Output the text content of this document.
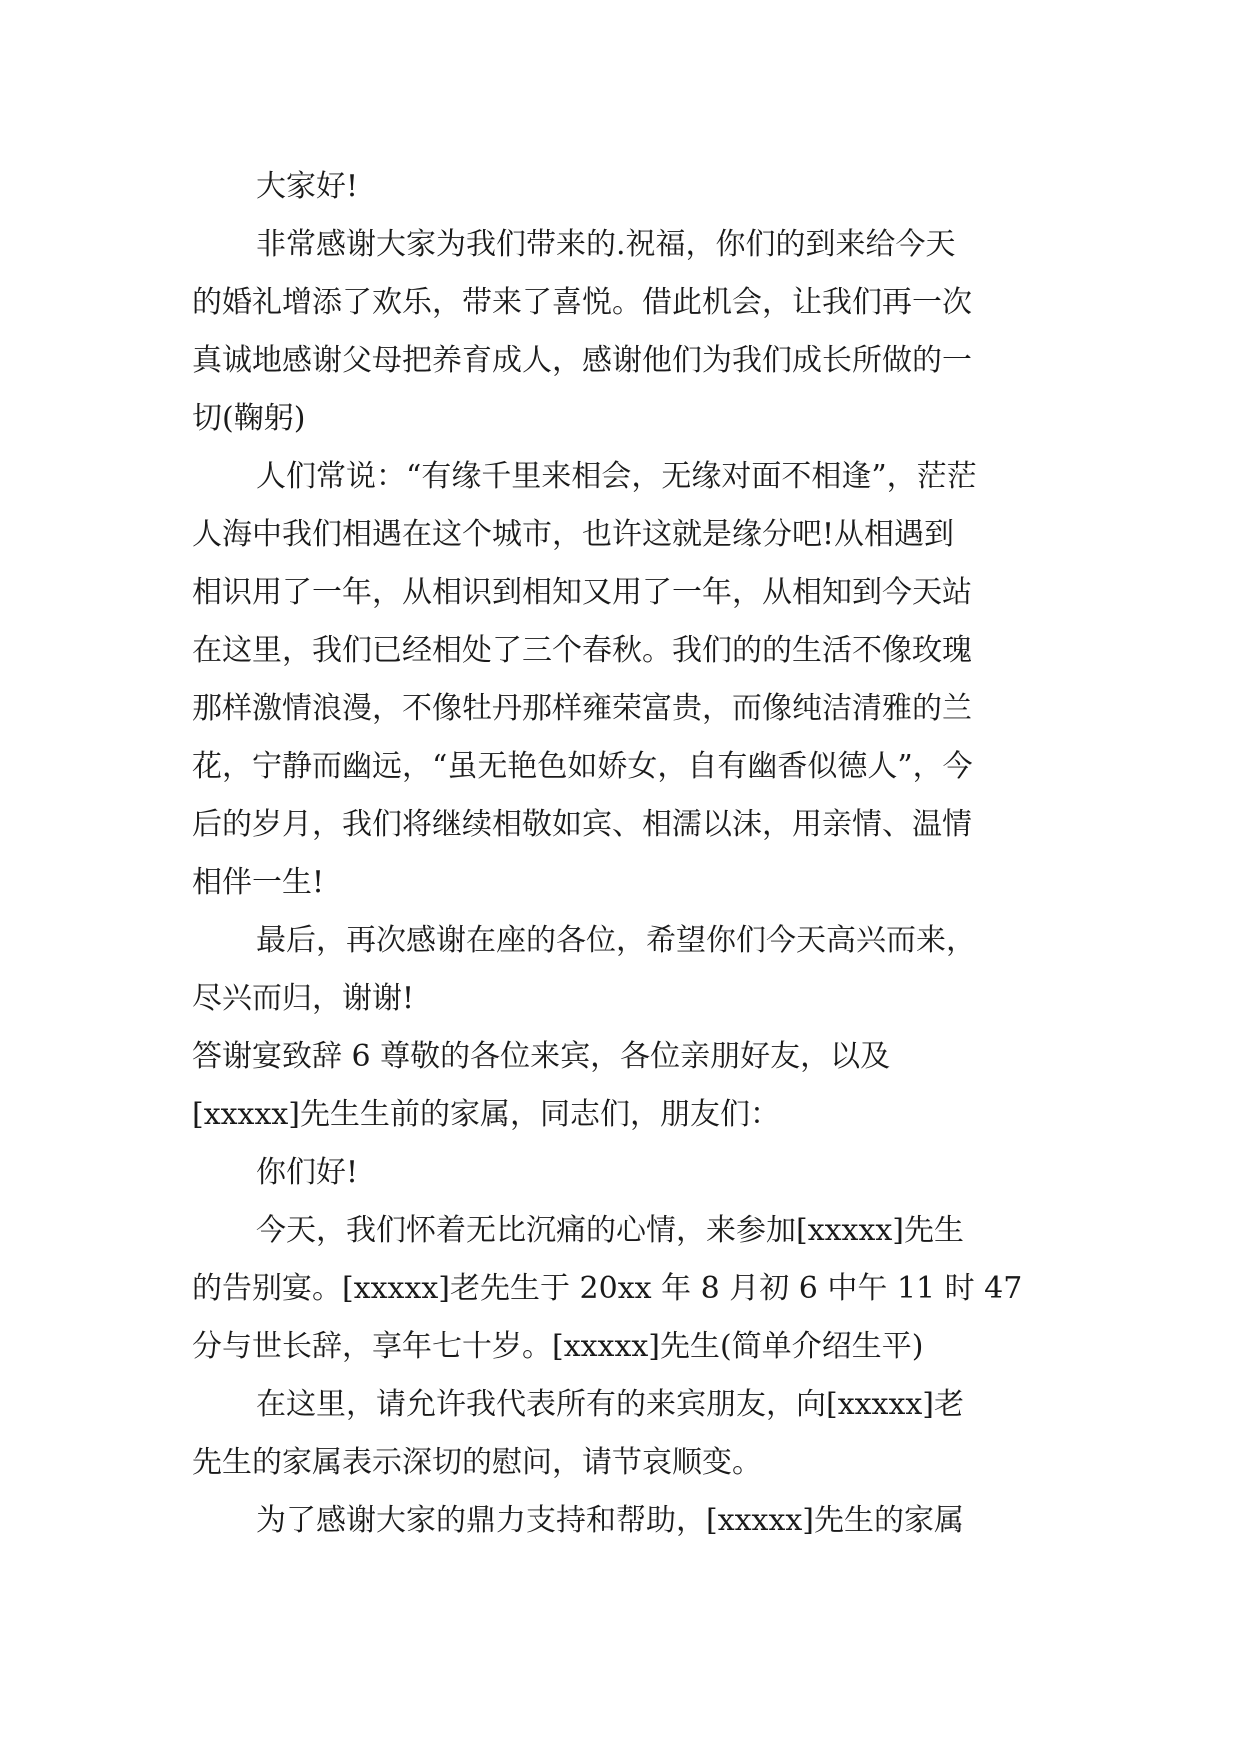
大家好!
非常感谢大家为我们带来的.祝福，你们的到来给今天
的婚礼增添了欢乐，带来了喜悦。借此机会，让我们再一次
真诚地感谢父母把养育成人，感谢他们为我们成长所做的一
切(鞠躬)
人们常说：“有缘千里来相会，无缘对面不相逢”，茫茫
人海中我们相遇在这个城市，也许这就是缘分吧!从相遇到
相识用了一年，从相识到相知又用了一年，从相知到今天站
在这里，我们已经相处了三个春秋。我们的的生活不像玫瑰
那样激情浪漫，不像牡丹那样雍荣富贵，而像纯洁清雅的兰
花，宁静而幽远，“虽无艳色如娇女，自有幽香似德人”，今
后的岁月，我们将继续相敬如宾、相濡以沫，用亲情、温情
相伴一生!
最后，再次感谢在座的各位，希望你们今天高兴而来，
尽兴而归，谢谢!
答谢宴致辞 6 尊敬的各位来宾，各位亲朋好友，以及
[xxxxx]先生生前的家属，同志们，朋友们：
你们好!
今天，我们怀着无比沉痛的心情，来参加[xxxxx]先生
的告别宴。[xxxxx]老先生于 20xx 年 8 月初 6 中午 11 时 47
分与世长辞，享年七十岁。[xxxxx]先生(简单介绍生平)
在这里，请允许我代表所有的来宾朋友，向[xxxxx]老
先生的家属表示深切的慰问，请节哀顺变。
为了感谢大家的鼎力支持和帮助，[xxxxx]先生的家属
